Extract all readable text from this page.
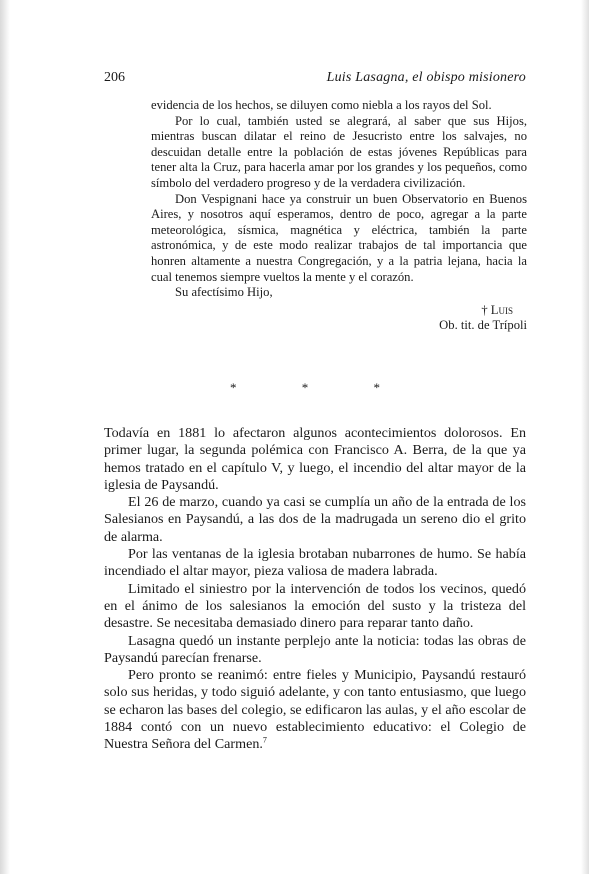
206	Luis Lasagna, el obispo misionero

evidencia de los hechos, se diluyen como niebla a los rayos del Sol.

Por lo cual, también usted se alegrará, al saber que sus Hijos, mientras buscan dilatar el reino de Jesucristo entre los salvajes, no descuidan detalle entre la población de estas jóvenes Repúblicas para tener alta la Cruz, para hacerla amar por los grandes y los pequeños, como símbolo del verdadero progreso y de la verdadera civilización.

Don Vespignani hace ya construir un buen Observatorio en Buenos Aires, y nosotros aquí esperamos, dentro de poco, agregar a la parte meteorológica, sísmica, magnética y eléctrica, también la parte astronómica, y de este modo realizar trabajos de tal importancia que honren altamente a nuestra Congregación, y a la patria lejana, hacia la cual tenemos siempre vueltos la mente y el corazón.

Su afectísimo Hijo,

† Luis
Ob. tit. de Trípoli
*	*	*

Todavía en 1881 lo afectaron algunos acontecimientos dolorosos. En primer lugar, la segunda polémica con Francisco A. Berra, de la que ya hemos tratado en el capítulo V, y luego, el incendio del altar mayor de la iglesia de Paysandú.

El 26 de marzo, cuando ya casi se cumplía un año de la entrada de los Salesianos en Paysandú, a las dos de la madrugada un sereno dio el grito de alarma.

Por las ventanas de la iglesia brotaban nubarrones de humo. Se había incendiado el altar mayor, pieza valiosa de madera labrada.

Limitado el siniestro por la intervención de todos los vecinos, quedó en el ánimo de los salesianos la emoción del susto y la tristeza del desastre. Se necesitaba demasiado dinero para reparar tanto daño.

Lasagna quedó un instante perplejo ante la noticia: todas las obras de Paysandú parecían frenarse.

Pero pronto se reanimó: entre fieles y Municipio, Paysandú restauró solo sus heridas, y todo siguió adelante, y con tanto entusiasmo, que luego se echaron las bases del colegio, se edificaron las aulas, y el año escolar de 1884 contó con un nuevo establecimiento educativo: el Colegio de Nuestra Señora del Carmen.$^7$
